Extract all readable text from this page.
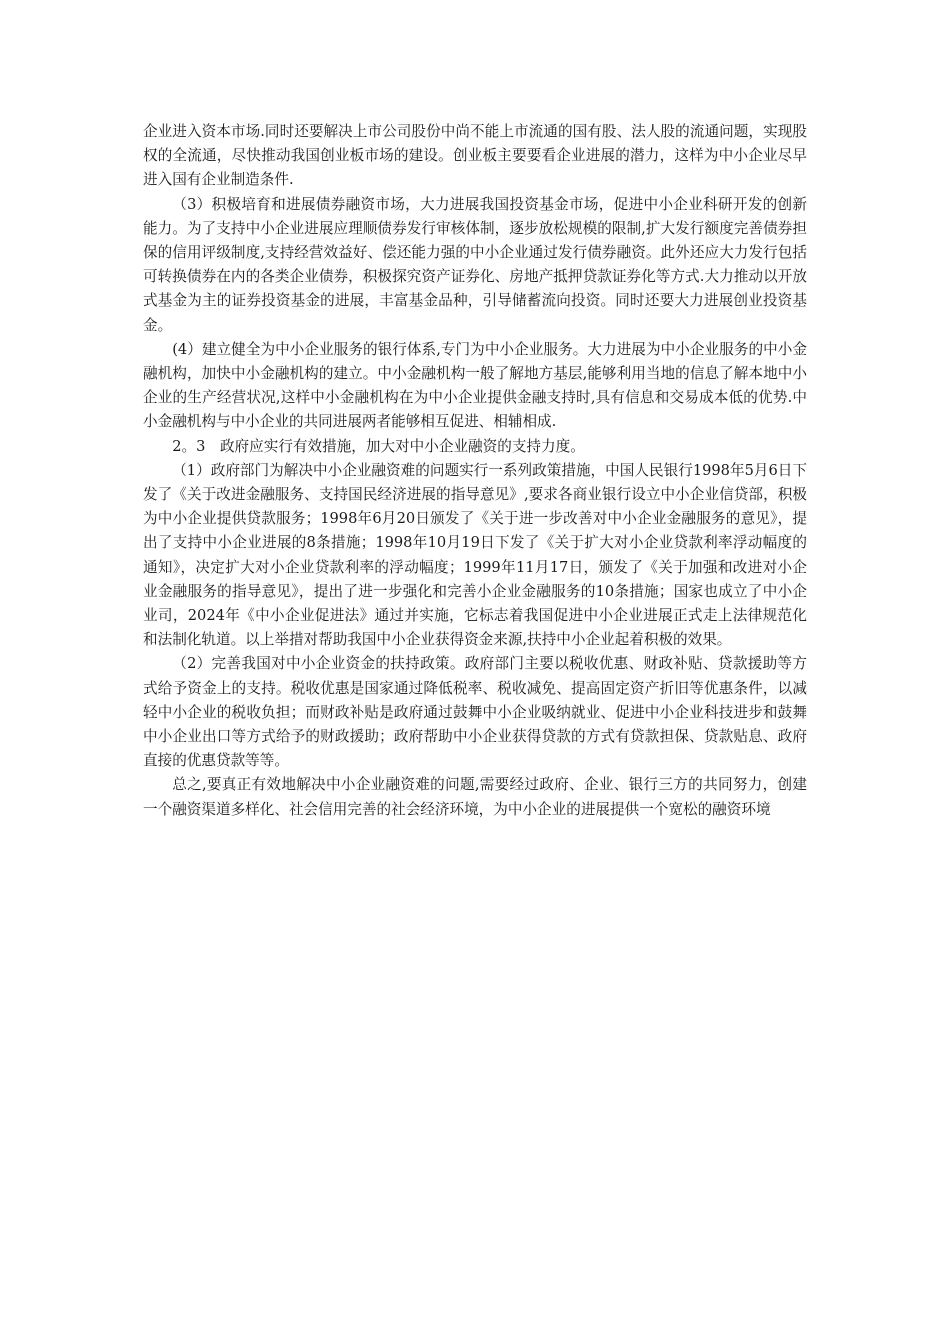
企业进入资本市场.同时还要解决上市公司股份中尚不能上市流通的国有股、法人股的流通问题，实现股权的全流通，尽快推动我国创业板市场的建设。创业板主要要看企业进展的潜力，这样为中小企业尽早进入国有企业制造条件.

（3）积极培育和进展债券融资市场，大力进展我国投资基金市场，促进中小企业科研开发的创新能力。为了支持中小企业进展应理顺债券发行审核体制，逐步放松规模的限制,扩大发行额度完善债券担保的信用评级制度,支持经营效益好、偿还能力强的中小企业通过发行债券融资。此外还应大力发行包括可转换债券在内的各类企业债券，积极探究资产证券化、房地产抵押贷款证券化等方式.大力推动以开放式基金为主的证券投资基金的进展，丰富基金品种，引导储蓄流向投资。同时还要大力进展创业投资基金。

(4）建立健全为中小企业服务的银行体系,专门为中小企业服务。大力进展为中小企业服务的中小金融机构，加快中小金融机构的建立。中小金融机构一般了解地方基层,能够利用当地的信息了解本地中小企业的生产经营状况,这样中小金融机构在为中小企业提供金融支持时,具有信息和交易成本低的优势.中小金融机构与中小企业的共同进展两者能够相互促进、相辅相成.

2。3　政府应实行有效措施，加大对中小企业融资的支持力度。

（1）政府部门为解决中小企业融资难的问题实行一系列政策措施，中国人民银行1998年5月6日下发了《关于改进金融服务、支持国民经济进展的指导意见》,要求各商业银行设立中小企业信贷部，积极为中小企业提供贷款服务；1998年6月20日颁发了《关于进一步改善对中小企业金融服务的意见》，提出了支持中小企业进展的8条措施；1998年10月19日下发了《关于扩大对小企业贷款利率浮动幅度的通知》，决定扩大对小企业贷款利率的浮动幅度；1999年11月17日，颁发了《关于加强和改进对小企业金融服务的指导意见》，提出了进一步强化和完善小企业金融服务的10条措施；国家也成立了中小企业司，2024年《中小企业促进法》通过并实施，它标志着我国促进中小企业进展正式走上法律规范化和法制化轨道。以上举措对帮助我国中小企业获得资金来源,扶持中小企业起着积极的效果。

（2）完善我国对中小企业资金的扶持政策。政府部门主要以税收优惠、财政补贴、贷款援助等方式给予资金上的支持。税收优惠是国家通过降低税率、税收减免、提高固定资产折旧等优惠条件，以减轻中小企业的税收负担；而财政补贴是政府通过鼓舞中小企业吸纳就业、促进中小企业科技进步和鼓舞中小企业出口等方式给予的财政援助；政府帮助中小企业获得贷款的方式有贷款担保、贷款贴息、政府直接的优惠贷款等等。

总之,要真正有效地解决中小企业融资难的问题,需要经过政府、企业、银行三方的共同努力，创建一个融资渠道多样化、社会信用完善的社会经济环境，为中小企业的进展提供一个宽松的融资环境
